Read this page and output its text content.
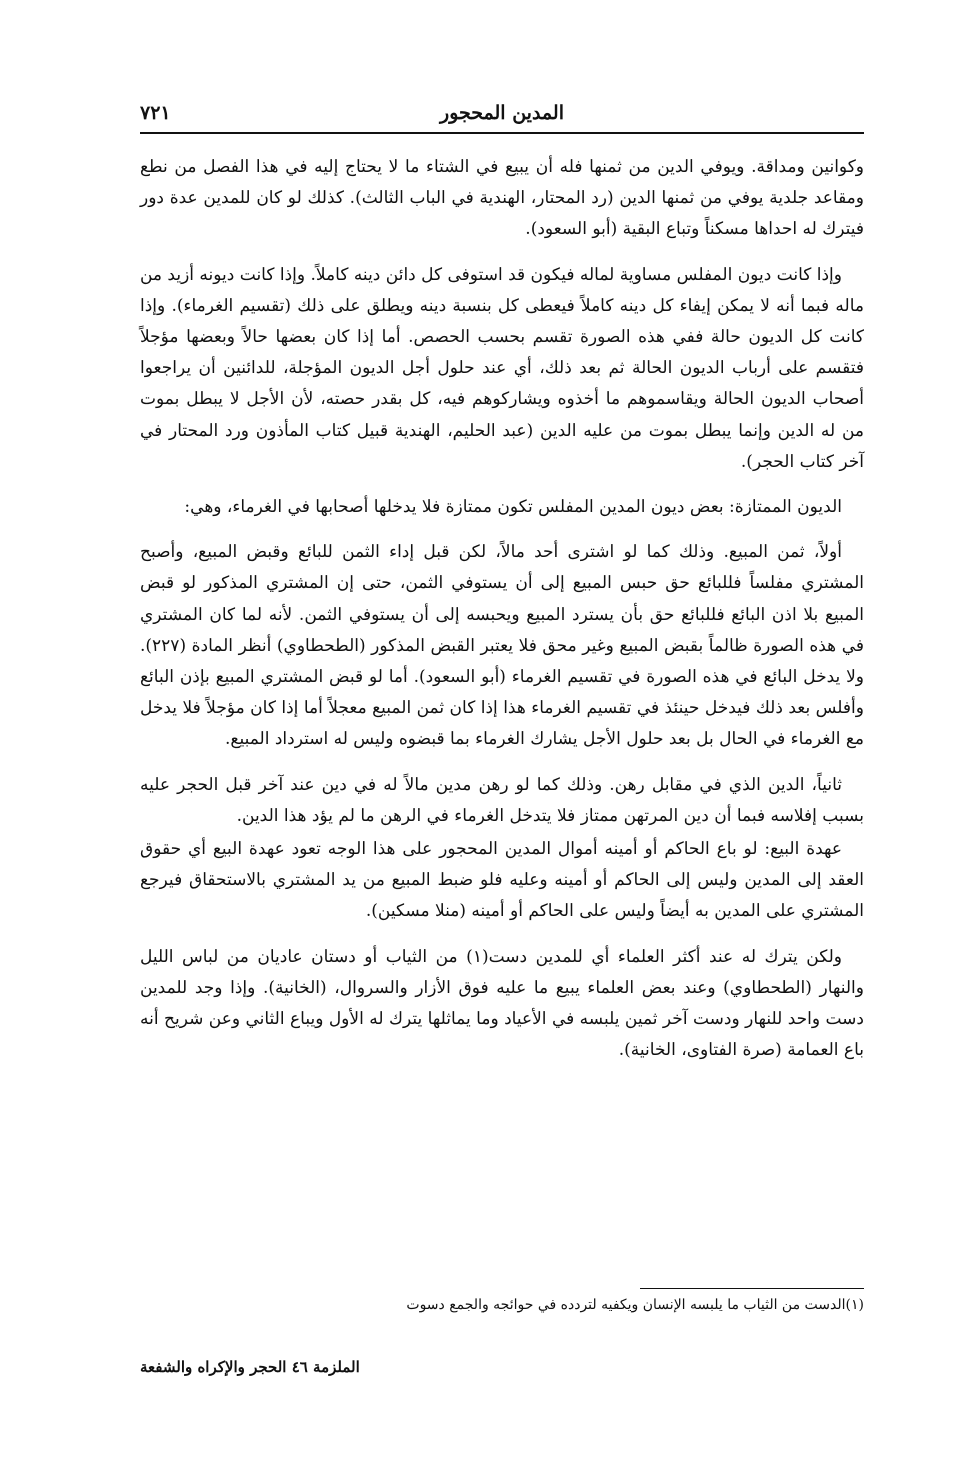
المدين المحجور
٧٢١

وكوانين ومداقة. ويوفي الدين من ثمنها فله أن يبيع في الشتاء ما لا يحتاج إليه في هذا الفصل من نطع ومقاعد جلدية يوفي من ثمنها الدين (رد المحتار، الهندية في الباب الثالث). كذلك لو كان للمدين عدة دور فيترك له احداها مسكناً وتباع البقية (أبو السعود).

وإذا كانت ديون المفلس مساوية لماله فيكون قد استوفى كل دائن دينه كاملاً. وإذا كانت ديونه أزيد من ماله فبما أنه لا يمكن إيفاء كل دينه كاملاً فيعطى كل بنسبة دينه ويطلق على ذلك (تقسيم الغرماء). وإذا كانت كل الديون حالة ففي هذه الصورة تقسم بحسب الحصص. أما إذا كان بعضها حالاً وبعضها مؤجلاً فتقسم على أرباب الديون الحالة ثم بعد ذلك، أي عند حلول أجل الديون المؤجلة، للدائنين أن يراجعوا أصحاب الديون الحالة ويقاسموهم ما أخذوه ويشاركوهم فيه، كل بقدر حصته، لأن الأجل لا يبطل بموت من له الدين وإنما يبطل بموت من عليه الدين (عبد الحليم، الهندية قبيل كتاب المأذون ورد المحتار في آخر كتاب الحجر).

الديون الممتازة: بعض ديون المدين المفلس تكون ممتازة فلا يدخلها أصحابها في الغرماء، وهي:

أولاً، ثمن المبيع. وذلك كما لو اشترى أحد مالاً، لكن قبل إداء الثمن للبائع وقبض المبيع، وأصبح المشتري مفلساً فللبائع حق حبس المبيع إلى أن يستوفي الثمن، حتى إن المشتري المذكور لو قبض المبيع بلا اذن البائع فللبائع حق بأن يسترد المبيع ويحبسه إلى أن يستوفي الثمن. لأنه لما كان المشتري في هذه الصورة ظالماً بقبض المبيع وغير محق فلا يعتبر القبض المذكور (الطحطاوي) أنظر المادة (٢٢٧). ولا يدخل البائع في هذه الصورة في تقسيم الغرماء (أبو السعود). أما لو قبض المشتري المبيع بإذن البائع وأفلس بعد ذلك فيدخل حينئذ في تقسيم الغرماء هذا إذا كان ثمن المبيع معجلاً أما إذا كان مؤجلاً فلا يدخل مع الغرماء في الحال بل بعد حلول الأجل يشارك الغرماء بما قبضوه وليس له استرداد المبيع.

ثانياً، الدين الذي في مقابل رهن. وذلك كما لو رهن مدين مالاً له في دين عند آخر قبل الحجر عليه بسبب إفلاسه فبما أن دين المرتهن ممتاز فلا يتدخل الغرماء في الرهن ما لم يؤد هذا الدين.

عهدة البيع: لو باع الحاكم أو أمينه أموال المدين المحجور على هذا الوجه تعود عهدة البيع أي حقوق العقد إلى المدين وليس إلى الحاكم أو أمينه وعليه فلو ضبط المبيع من يد المشتري بالاستحقاق فيرجع المشتري على المدين به أيضاً وليس على الحاكم أو أمينه (منلا مسكين).

ولكن يترك له عند أكثر العلماء أي للمدين دست(١) من الثياب أو دستان عاديان من لباس الليل والنهار (الطحطاوي) وعند بعض العلماء يبيع ما عليه فوق الأزار والسروال، (الخانية). وإذا وجد للمدين دست واحد للنهار ودست آخر ثمين يلبسه في الأعياد وما يماثلها يترك له الأول ويباع الثاني وعن شريح أنه باع العمامة (صرة الفتاوى، الخانية).

(١)الدست من الثياب ما يلبسه الإنسان ويكفيه لتردده في حوائجه والجمع دسوت
الملزمة ٤٦ الحجر والإكراه والشفعة
